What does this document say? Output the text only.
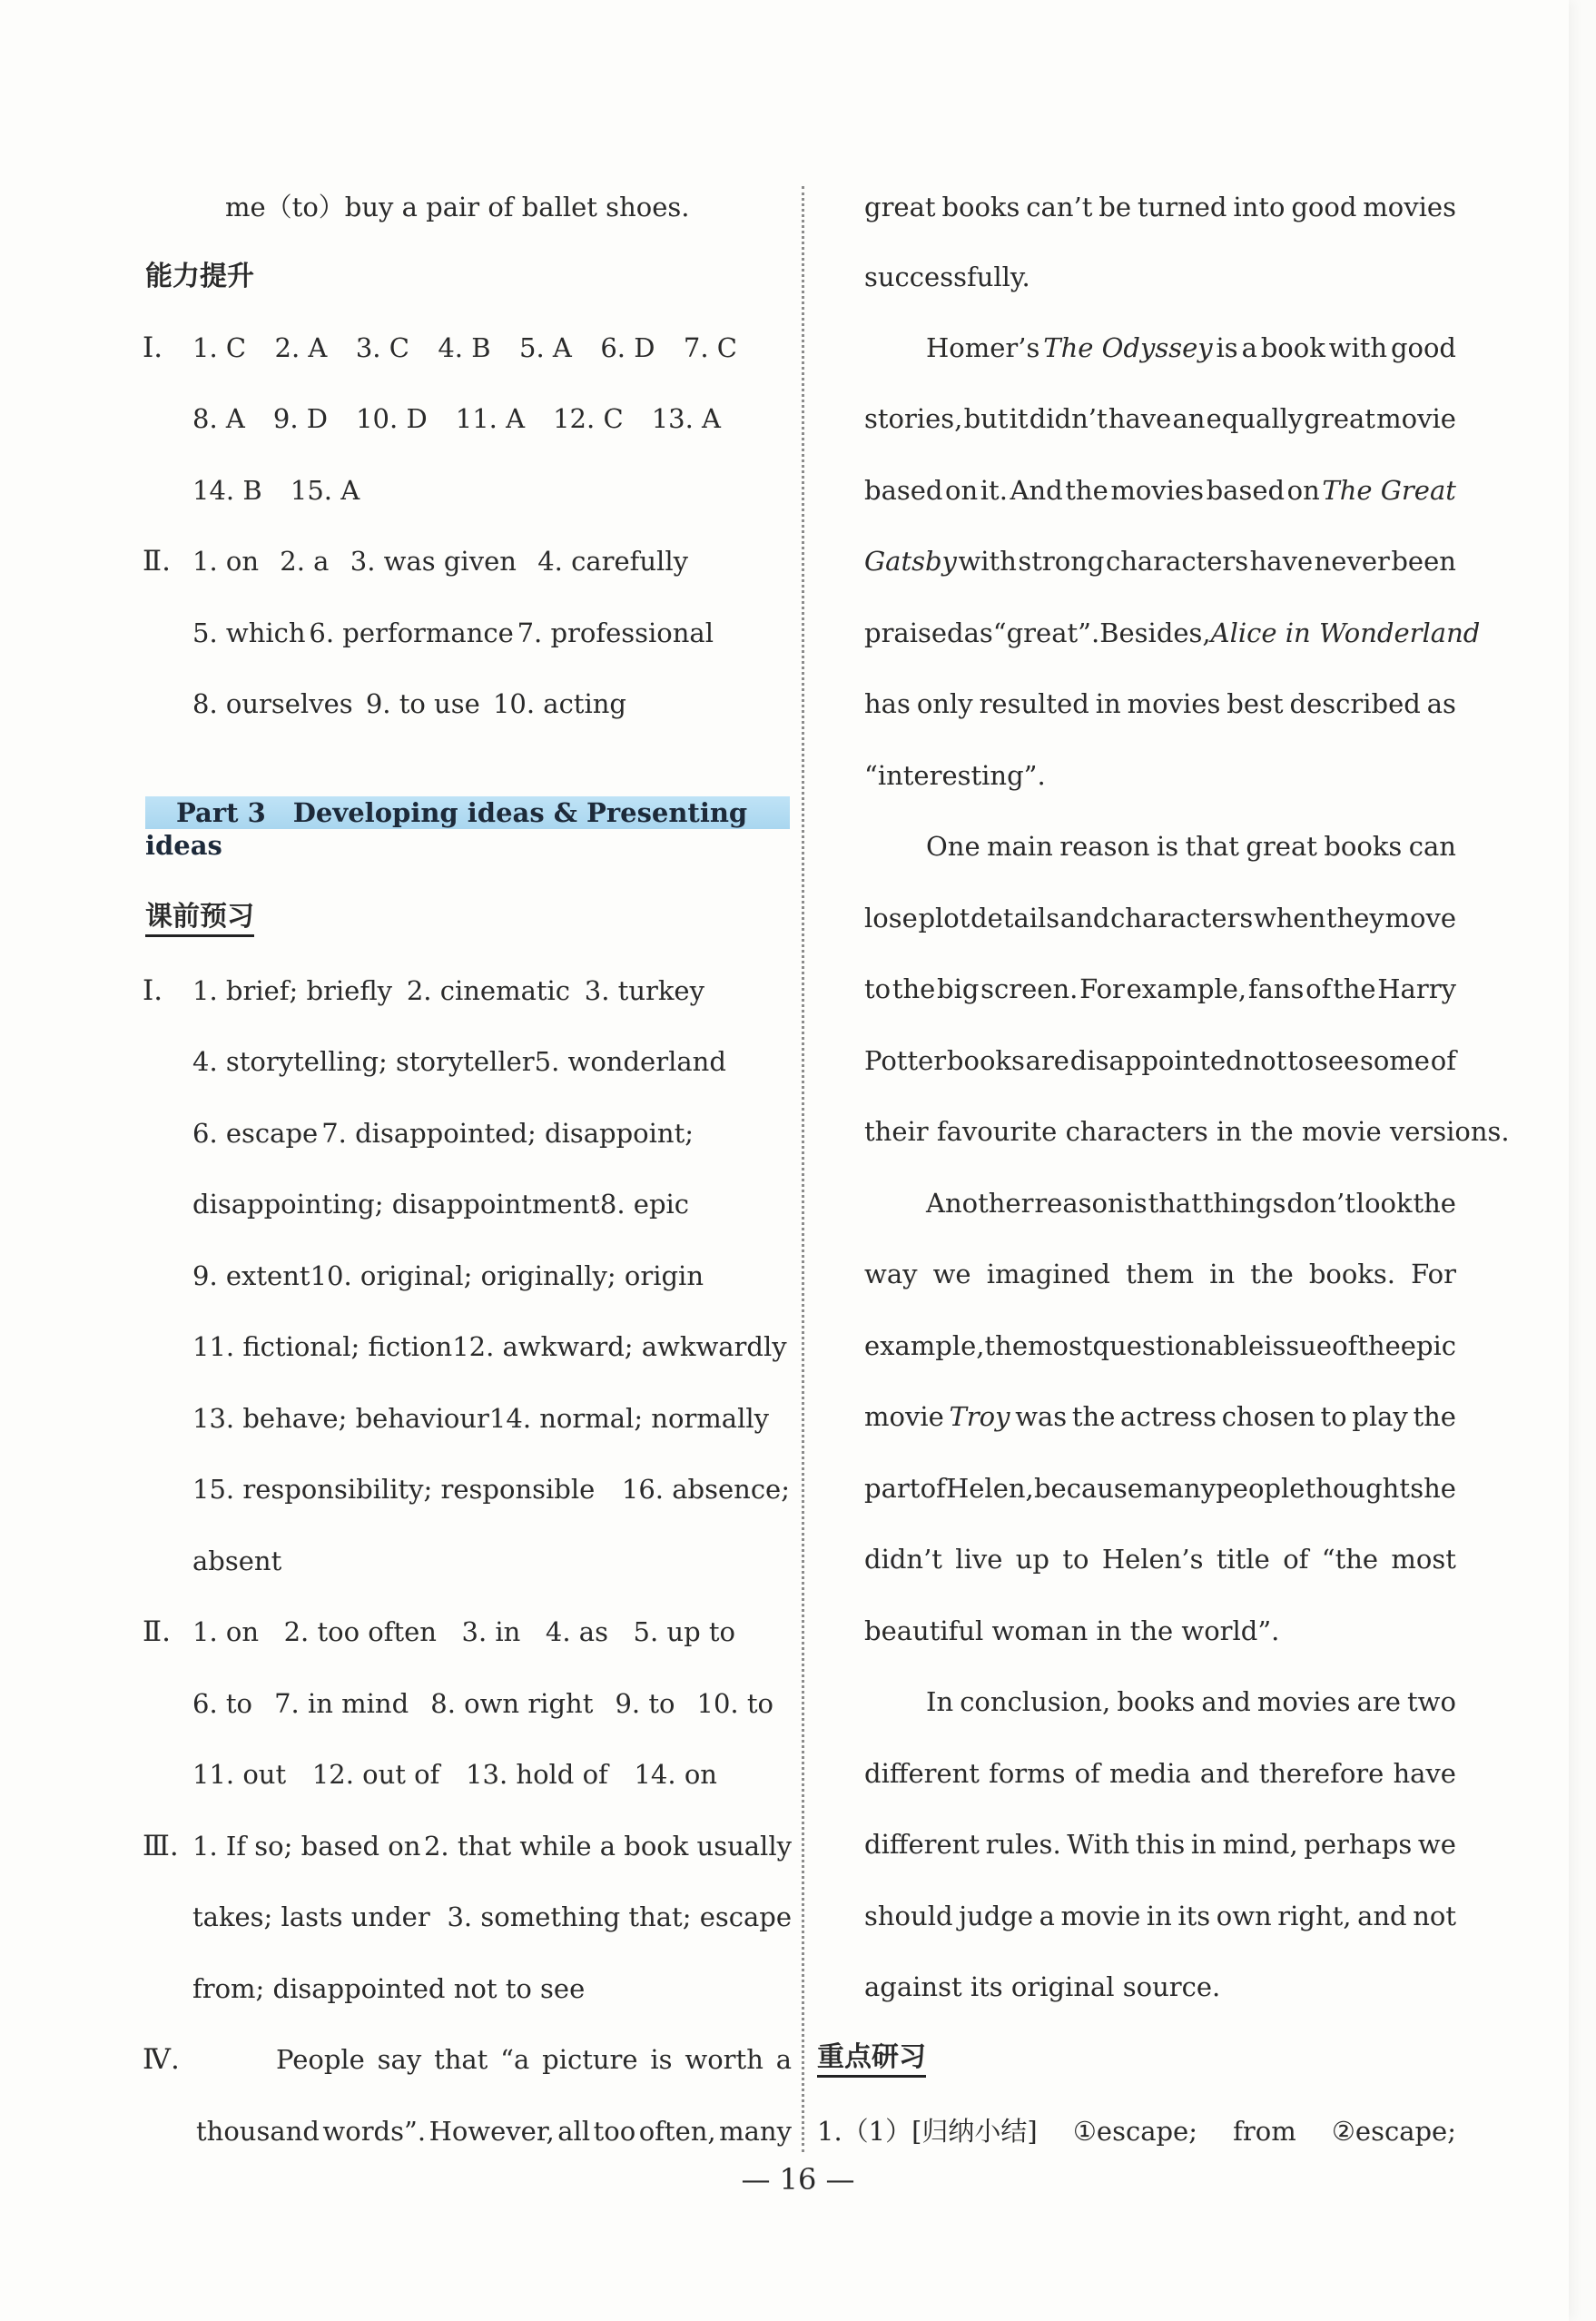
me（to）buy a pair of ballet shoes.
能力提升
Ⅰ. 1. C 2. A 3. C 4. B 5. A 6. D 7. C
8. A 9. D 10. D 11. A 12. C 13. A
14. B 15. A
Ⅱ. 1. on 2. a 3. was given 4. carefully
5. which 6. performance 7. professional
8. ourselves 9. to use 10. acting
Part 3 Developing ideas & Presenting ideas
课前预习
Ⅰ. 1. brief; briefly 2. cinematic 3. turkey
4. storytelling; storyteller 5. wonderland
6. escape 7. disappointed; disappoint;
disappointing; disappointment 8. epic
9. extent 10. original; originally; origin
11. fictional; fiction 12. awkward; awkwardly
13. behave; behaviour 14. normal; normally
15. responsibility; responsible 16. absence;
absent
Ⅱ. 1. on 2. too often 3. in 4. as 5. up to
6. to 7. in mind 8. own right 9. to 10. to
11. out 12. out of 13. hold of 14. on
Ⅲ. 1. If so; based on 2. that while a book usually
takes; lasts under 3. something that; escape
from; disappointed not to see
Ⅳ.	People say that “a picture is worth a
thousand words”. However, all too often, many
great books can’t be turned into good movies
successfully.
Homer’s The Odyssey is a book with good
stories, but it didn’t have an equally great movie
based on it. And the movies based on The Great
Gatsby with strong characters have never been
praised as “great”. Besides, Alice in Wonderland
has only resulted in movies best described as
“interesting”.
One main reason is that great books can
lose plot details and characters when they move
to the big screen. For example, fans of the Harry
Potter books are disappointed not to see some of
their favourite characters in the movie versions.
Another reason is that things don’t look the
way we imagined them in the books. For
example, the most questionable issue of the epic
movie Troy was the actress chosen to play the
part of Helen, because many people thought she
didn’t live up to Helen’s title of “the most
beautiful woman in the world”.
In conclusion, books and movies are two
different forms of media and therefore have
different rules. With this in mind, perhaps we
should judge a movie in its own right, and not
against its original source.
重点研习
1.（1）[归纳小结] ①escape; from ②escape;
— 16 —
